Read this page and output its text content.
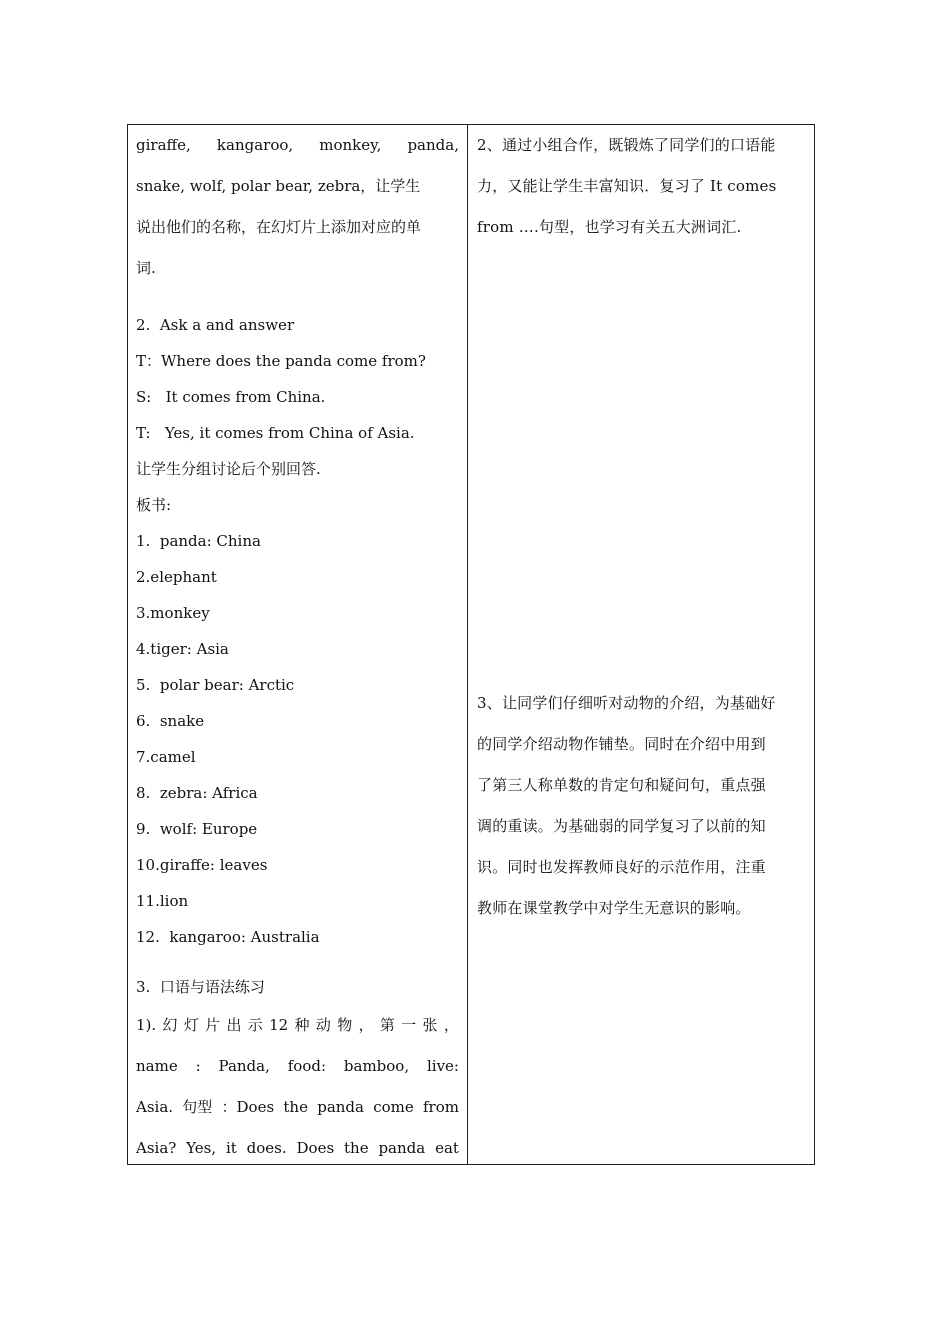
giraffe, kangaroo, monkey, panda,
snake, wolf, polar bear, zebra，让学生
说出他们的名称，在幻灯片上添加对应的单
词.
2.  Ask a and answer
T：Where does the panda come from?
S:   It comes from China.
T:   Yes, it comes from China of Asia.
让学生分组讨论后个别回答.
板书:
1.  panda: China
2.elephant
3.monkey
4.tiger: Asia
5.  polar bear: Arctic
6.  snake
7.camel
8.  zebra: Africa
9.  wolf: Europe
10.giraffe: leaves
11.lion
12.  kangaroo: Australia
3.  口语与语法练习
1). 幻 灯 片 出 示 12 种 动 物 ， 第 一 张 ，
name : Panda, food: bamboo, live:
Asia. 句型 ：Does the panda come from
Asia? Yes, it does. Does the panda eat
2、通过小组合作，既锻炼了同学们的口语能
力，又能让学生丰富知识．复习了 It comes
from ….句型，也学习有关五大洲词汇.
3、让同学们仔细听对动物的介绍，为基础好
的同学介绍动物作铺垫。同时在介绍中用到
了第三人称单数的肯定句和疑问句，重点强
调的重读。为基础弱的同学复习了以前的知
识。同时也发挥教师良好的示范作用，注重
教师在课堂教学中对学生无意识的影响。
